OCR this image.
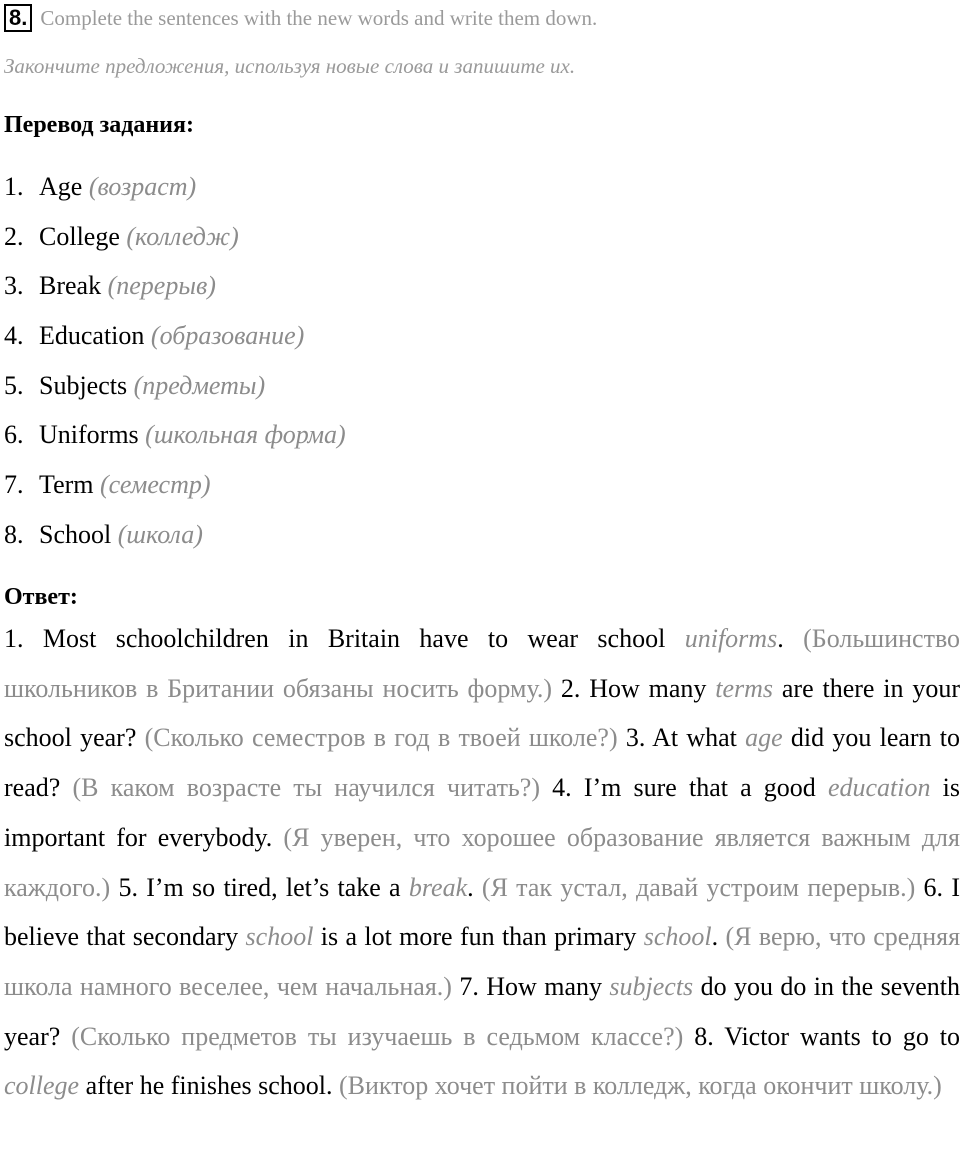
8. Complete the sentences with the new words and write them down.
Закончите предложения, используя новые слова и запишите их.
Перевод задания:
1. Age (возраст)
2. College (колледж)
3. Break (перерыв)
4. Education (образование)
5. Subjects (предметы)
6. Uniforms (школьная форма)
7. Term (семестр)
8. School (школа)
Ответ:
1. Most schoolchildren in Britain have to wear school uniforms. (Большинство школьников в Британии обязаны носить форму.) 2. How many terms are there in your school year? (Сколько семестров в год в твоей школе?) 3. At what age did you learn to read? (В каком возрасте ты научился читать?) 4. I’m sure that a good education is important for everybody. (Я уверен, что хорошее образование является важным для каждого.) 5. I’m so tired, let’s take a break. (Я так устал, давай устроим перерыв.) 6. I believe that secondary school is a lot more fun than primary school. (Я верю, что средняя школа намного веселее, чем начальная.) 7. How many subjects do you do in the seventh year? (Сколько предметов ты изучаешь в седьмом классе?) 8. Victor wants to go to college after he finishes school. (Виктор хочет пойти в колледж, когда окончит школу.)
